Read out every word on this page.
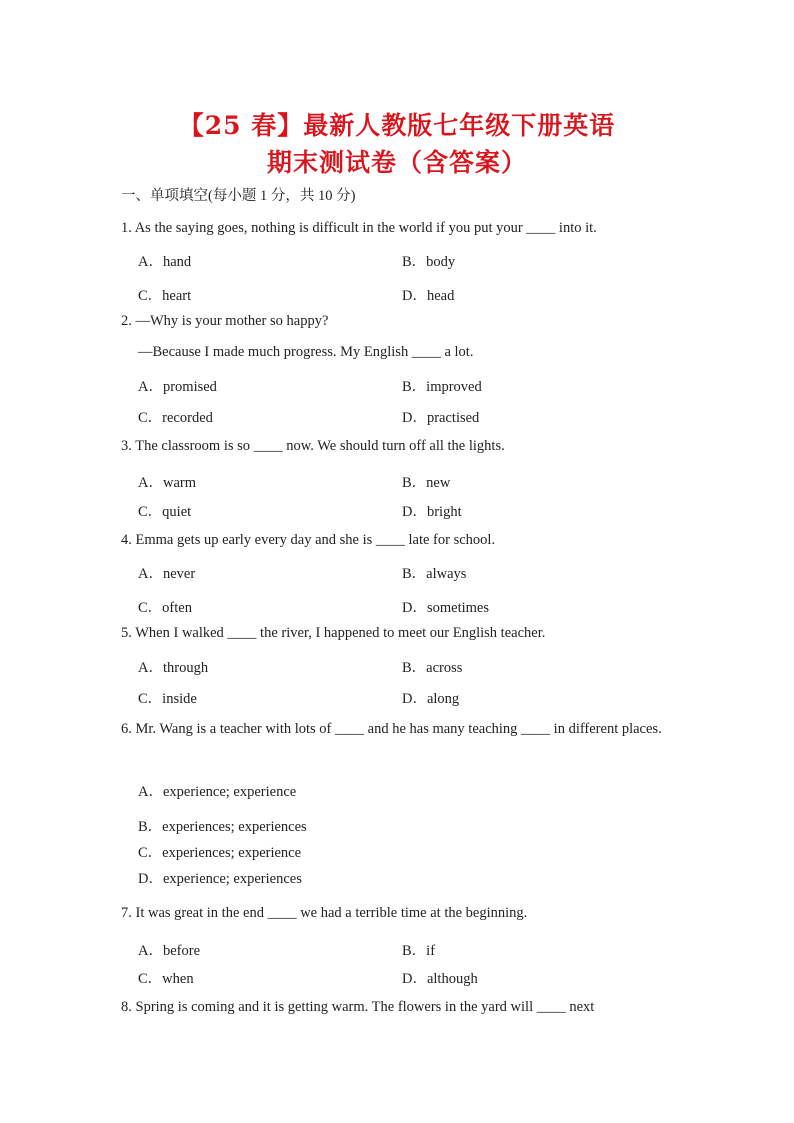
【25 春】最新人教版七年级下册英语
期末测试卷（含答案）
一、单项填空(每小题 1 分，共 10 分)
1. As the saying goes, nothing is difficult in the world if you put your ____ into it.
A．hand	B．body
C．heart	D．head
2. —Why is your mother so happy?
—Because I made much progress. My English ____ a lot.
A．promised	B．improved
C．recorded	D．practised
3. The classroom is so ____ now. We should turn off all the lights.
A．warm	B．new
C．quiet	D．bright
4. Emma gets up early every day and she is ____ late for school.
A．never	B．always
C．often	D．sometimes
5. When I walked ____ the river, I happened to meet our English teacher.
A．through	B．across
C．inside	D．along
6. Mr. Wang is a teacher with lots of ____ and he has many teaching ____ in different places.
A．experience; experience
B．experiences; experiences
C．experiences; experience
D．experience; experiences
7. It was great in the end ____ we had a terrible time at the beginning.
A．before	B．if
C．when	D．although
8. Spring is coming and it is getting warm. The flowers in the yard will ____ next
